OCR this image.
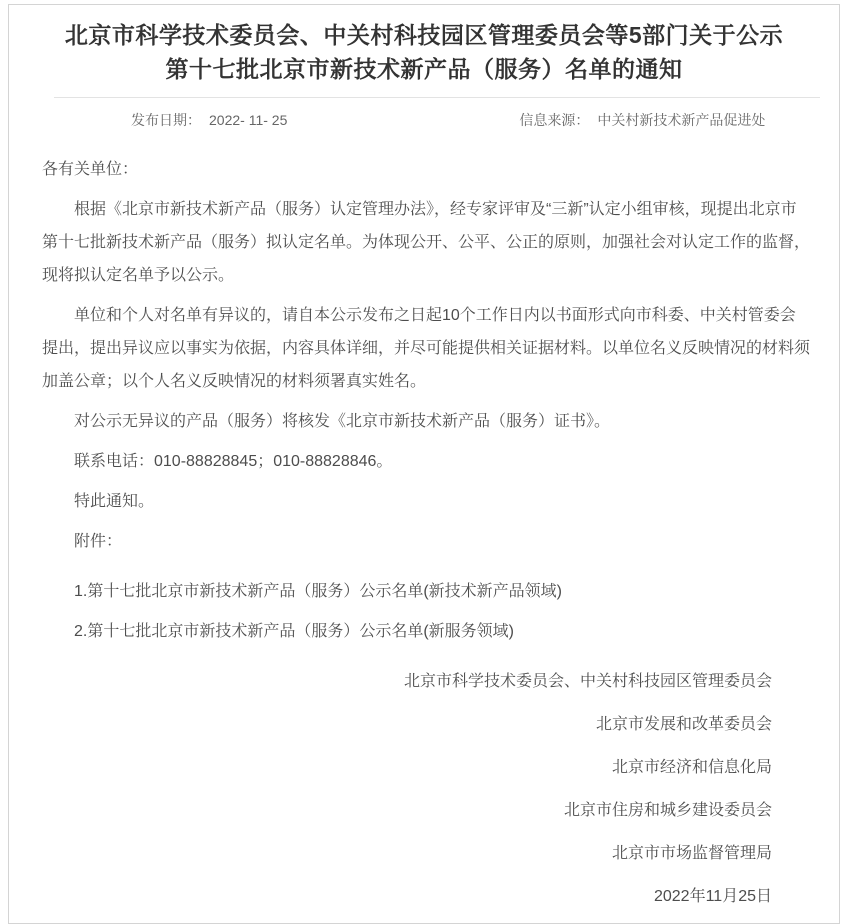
北京市科学技术委员会、中关村科技园区管理委员会等5部门关于公示
第十七批北京市新技术新产品（服务）名单的通知
发布日期： 2022- 11- 25	信息来源： 中关村新技术新产品促进处

各有关单位：

根据《北京市新技术新产品（服务）认定管理办法》，经专家评审及“三新”认定小组审核，现提出北京市第十七批新技术新产品（服务）拟认定名单。为体现公开、公平、公正的原则，加强社会对认定工作的监督，现将拟认定名单予以公示。

单位和个人对名单有异议的，请自本公示发布之日起10个工作日内以书面形式向市科委、中关村管委会提出，提出异议应以事实为依据，内容具体详细，并尽可能提供相关证据材料。以单位名义反映情况的材料须加盖公章；以个人名义反映情况的材料须署真实姓名。

对公示无异议的产品（服务）将核发《北京市新技术新产品（服务）证书》。

联系电话：010-88828845；010-88828846。

特此通知。

附件：

1.第十七批北京市新技术新产品（服务）公示名单(新技术新产品领域)

2.第十七批北京市新技术新产品（服务）公示名单(新服务领域)

北京市科学技术委员会、中关村科技园区管理委员会

北京市发展和改革委员会

北京市经济和信息化局

北京市住房和城乡建设委员会

北京市市场监督管理局

2022年11月25日
